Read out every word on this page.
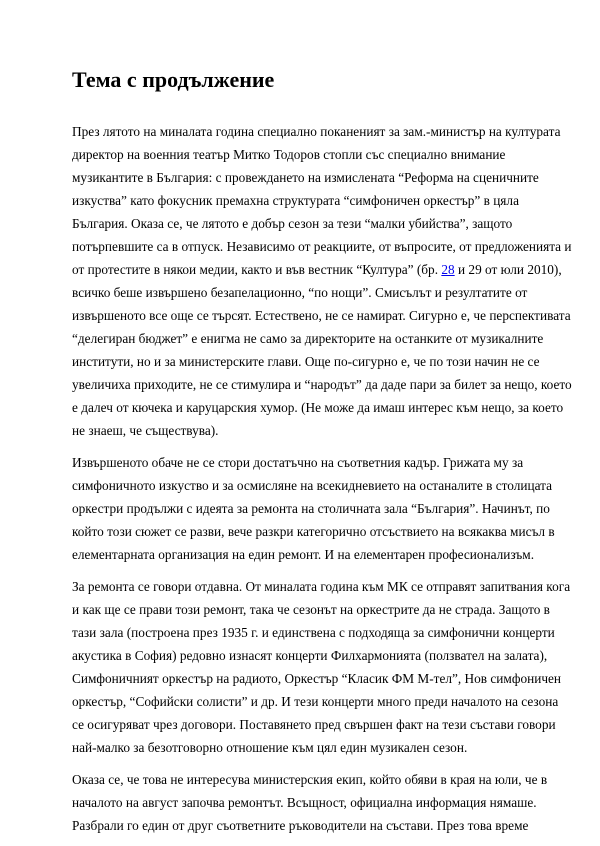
Тема с продължение

През лятото на миналата година специално поканеният за зам.-министър на културата
директор на военния театър Митко Тодоров стопли със специално внимание
музикантите в България: с провеждането на измислената “Реформа на сценичните
изкуства” като фокусник премахна структурата “симфоничен оркестър” в цяла
България. Оказа се, че лятото е добър сезон за тези “малки убийства”, защото
потърпевшите са в отпуск. Независимо от реакциите, от въпросите, от предложенията и
от протестите в някои медии, както и във вестник “Култура” (бр. 28 и 29 от юли 2010),
всичко беше извършено безапелационно, “по нощи”. Смисълът и резултатите от
извършеното все още се търсят. Естествено, не се намират. Сигурно е, че перспективата
“делегиран бюджет” е енигма не само за директорите на останките от музикалните
институти, но и за министерските глави. Още по-сигурно е, че по този начин не се
увеличиха приходите, не се стимулира и “народът” да даде пари за билет за нещо, което
е далеч от кючека и каруцарския хумор. (Не може да имаш интерес към нещо, за което
не знаеш, че съществува).

Извършеното обаче не се стори достатъчно на съответния кадър. Грижата му за
симфоничното изкуство и за осмисляне на всекидневието на останалите в столицата
оркестри продължи с идеята за ремонта на столичната зала “България”. Начинът, по
който този сюжет се разви, вече разкри категорично отсъствието на всякаква мисъл в
елементарната организация на един ремонт. И на елементарен професионализъм.

За ремонта се говори отдавна. От миналата година към МК се отправят запитвания кога
и как ще се прави този ремонт, така че сезонът на оркестрите да не страда. Защото в
тази зала (построена през 1935 г. и единствена с подходяща за симфонични концерти
акустика в София) редовно изнасят концерти Филхармонията (ползвател на залата),
Симфоничният оркестър на радиото, Оркестър “Класик ФМ М-тел”, Нов симфоничен
оркестър, “Софийски солисти” и др. И тези концерти много преди началото на сезона
се осигуряват чрез договори. Поставянето пред свършен факт на тези състави говори
най-малко за безотговорно отношение към цял един музикален сезон.

Оказа се, че това не интересува министерския екип, който обяви в края на юли, че в
началото на август започва ремонтът. Всъщност, официална информация нямаше.
Разбрали го един от друг съответните ръководители на състави. През това време
